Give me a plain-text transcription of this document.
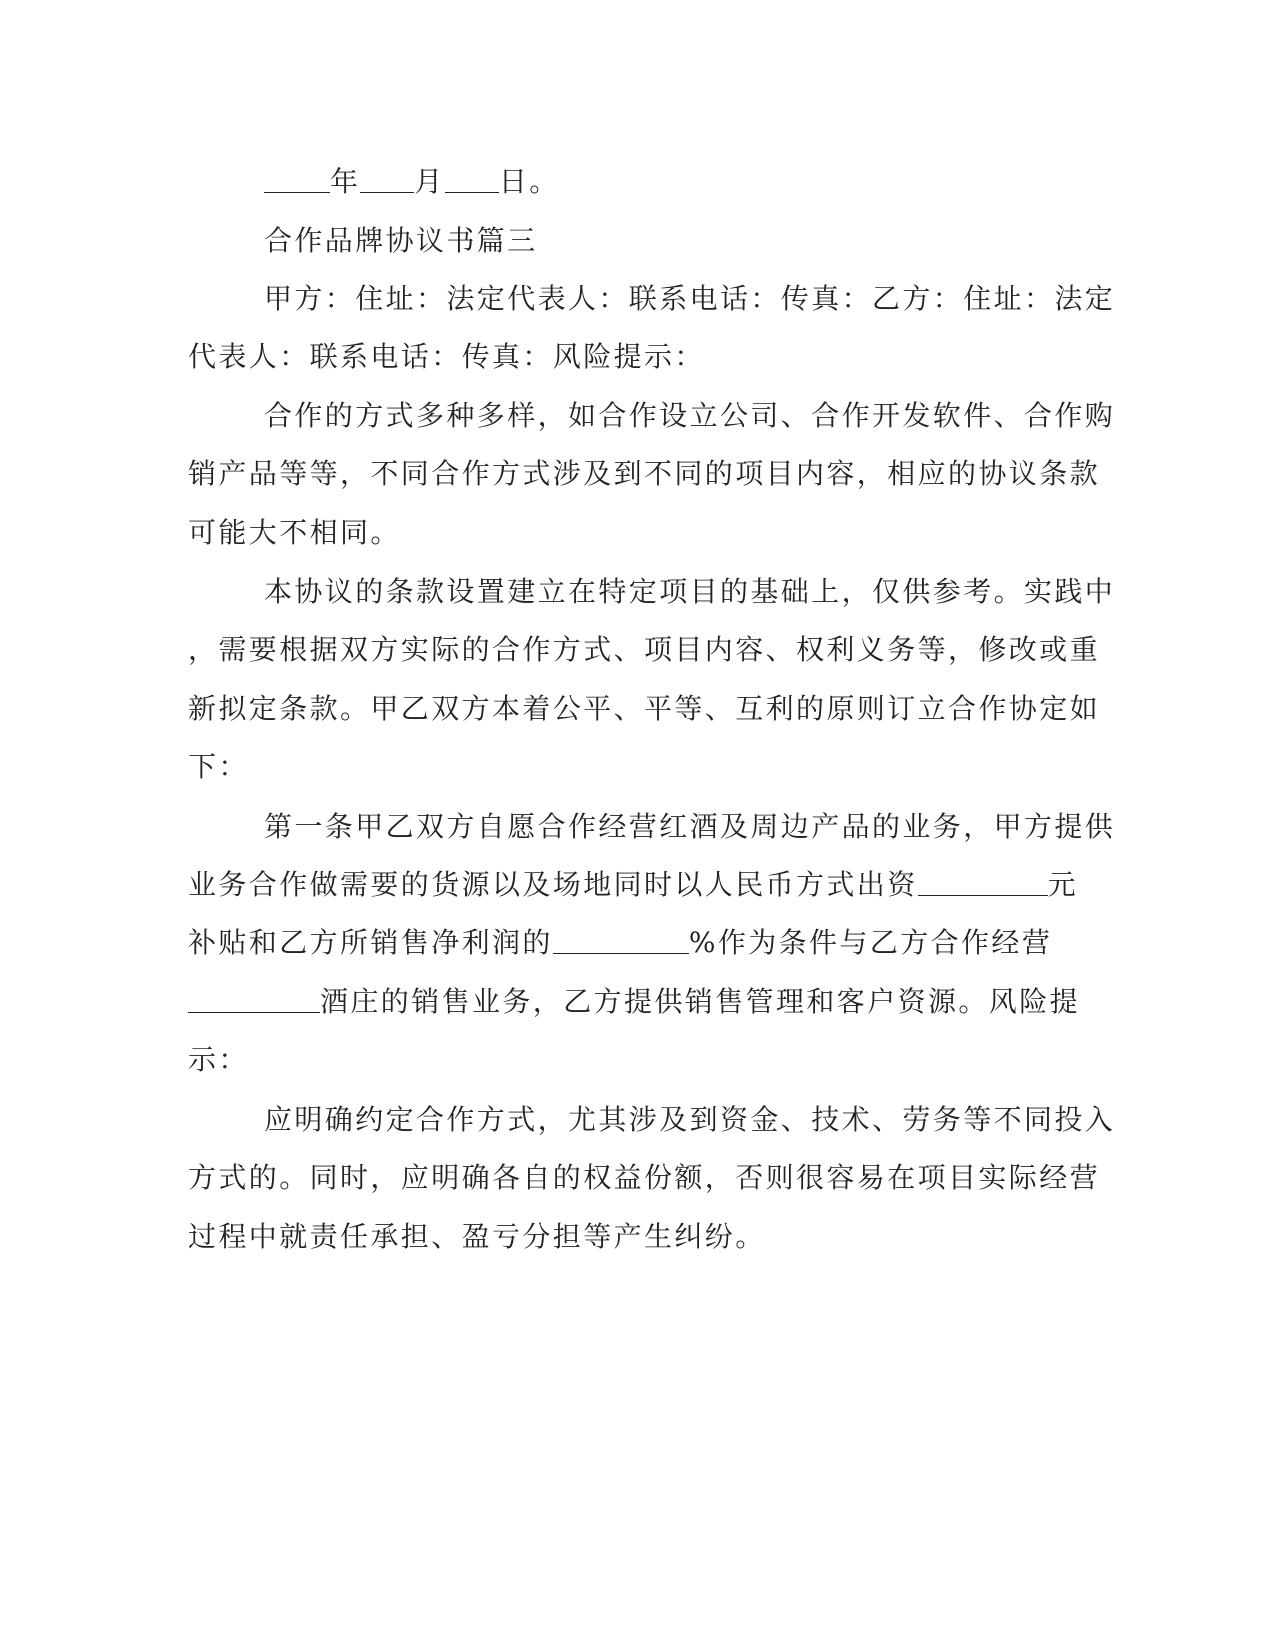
年 月 日。
合作品牌协议书篇三
甲方：住址：法定代表人：联系电话：传真：乙方：住址：法定
代表人：联系电话：传真：风险提示：
合作的方式多种多样，如合作设立公司、合作开发软件、合作购
销产品等等，不同合作方式涉及到不同的项目内容，相应的协议条款
可能大不相同。
本协议的条款设置建立在特定项目的基础上，仅供参考。实践中
，需要根据双方实际的合作方式、项目内容、权利义务等，修改或重
新拟定条款。甲乙双方本着公平、平等、互利的原则订立合作协定如
下：
第一条甲乙双方自愿合作经营红酒及周边产品的业务，甲方提供
业务合作做需要的货源以及场地同时以人民币方式出资	元
补贴和乙方所销售净利润的	%作为条件与乙方合作经营
酒庄的销售业务，乙方提供销售管理和客户资源。风险提
示：
应明确约定合作方式，尤其涉及到资金、技术、劳务等不同投入
方式的。同时，应明确各自的权益份额，否则很容易在项目实际经营
过程中就责任承担、盈亏分担等产生纠纷。
